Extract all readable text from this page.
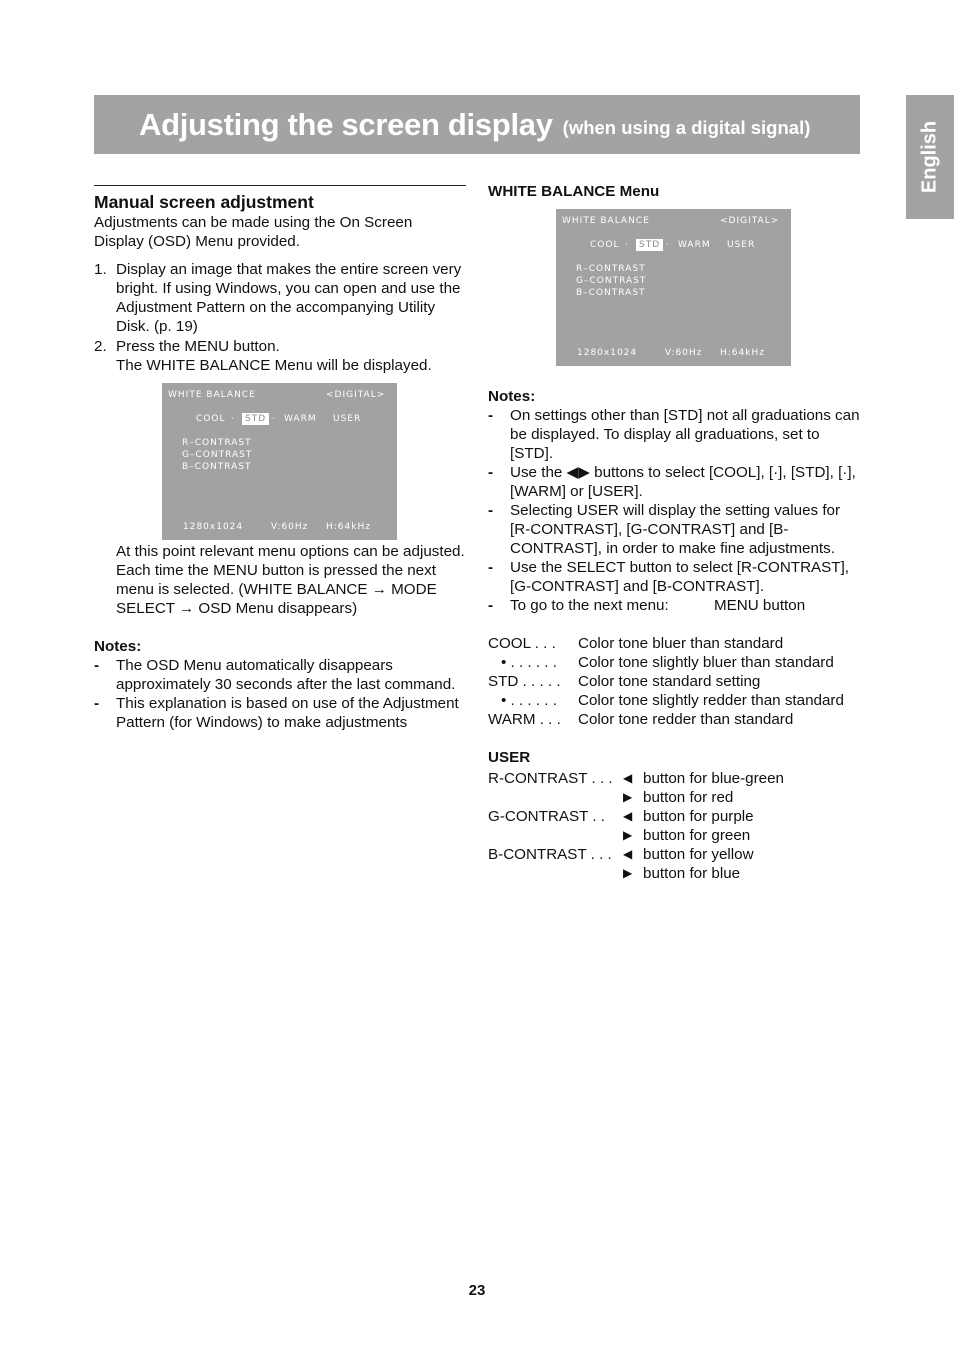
Adjusting the screen display (when using a digital signal)	English
Manual screen adjustment

Adjustments can be made using the On Screen Display (OSD) Menu provided.

1. Display an image that makes the entire screen very bright. If using Windows, you can open and use the Adjustment Pattern on the accompanying Utility Disk. (p. 19)
2. Press the MENU button.
The WHITE BALANCE Menu will be displayed.
WHITE BALANCE	<DIGITAL>
COOL ·	STD · WARM USER
R–CONTRAST
G–CONTRAST
B–CONTRAST
1280x1024	V:60Hz H:64kHz

At this point relevant menu options can be adjusted.

Each time the MENU button is pressed the next menu is selected. (WHITE BALANCE → MODE SELECT → OSD Menu disappears)

Notes:

- The OSD Menu automatically disappears approximately 30 seconds after the last command.
- This explanation is based on use of the Adjustment Pattern (for Windows) to make adjustments

WHITE BALANCE Menu

WHITE BALANCE	<DIGITAL>
COOL ·	STD · WARM USER
R–CONTRAST
G–CONTRAST
B–CONTRAST
1280x1024	V:60Hz H:64kHz

Notes:

- On settings other than [STD] not all graduations can be displayed. To display all graduations, set to [STD].
- Use the ◀▶ buttons to select [COOL], [·], [STD], [·], [WARM] or [USER].
- Selecting USER will display the setting values for [R-CONTRAST], [G-CONTRAST] and [B-CONTRAST], in order to make fine adjustments.
- Use the SELECT button to select [R-CONTRAST], [G-CONTRAST] and [B-CONTRAST].
- To go to the next menu:	MENU button
COOL . . . Color tone bluer than standard
• . . . . . . Color tone slightly bluer than standard
STD . . . . . Color tone standard setting
• . . . . . . Color tone slightly redder than standard
WARM . . . Color tone redder than standard

USER

R-CONTRAST . . . ◀ button for blue-green
▶ button for red
G-CONTRAST . . ◀ button for purple
▶ button for green
B-CONTRAST . . . ◀ button for yellow
▶ button for blue
23
